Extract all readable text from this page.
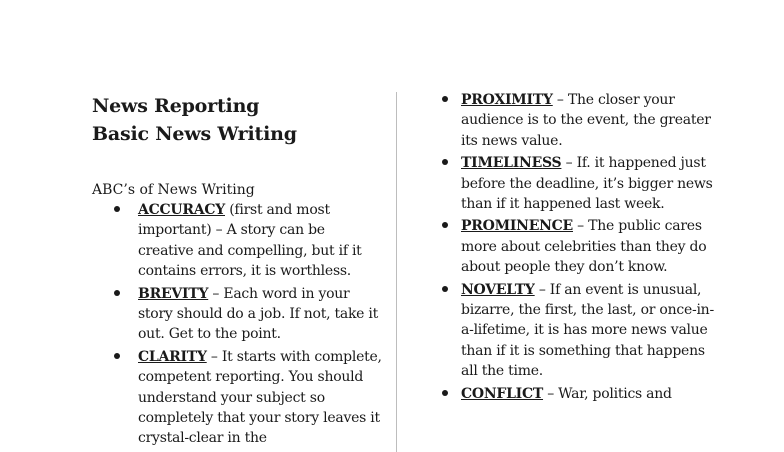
News Reporting
Basic News Writing
ABC’s of News Writing
ACCURACY (first and most important) – A story can be creative and compelling, but if it contains errors, it is worthless.
BREVITY – Each word in your story should do a job. If not, take it out. Get to the point.
CLARITY – It starts with complete, competent reporting. You should understand your subject so completely that your story leaves it crystal-clear in the
PROXIMITY – The closer your audience is to the event, the greater its news value.
TIMELINESS – If. it happened just before the deadline, it’s bigger news than if it happened last week.
PROMINENCE – The public cares more about celebrities than they do about people they don’t know.
NOVELTY – If an event is unusual, bizarre, the first, the last, or once-in-a-lifetime, it is has more news value than if it is something that happens all the time.
CONFLICT – War, politics and
